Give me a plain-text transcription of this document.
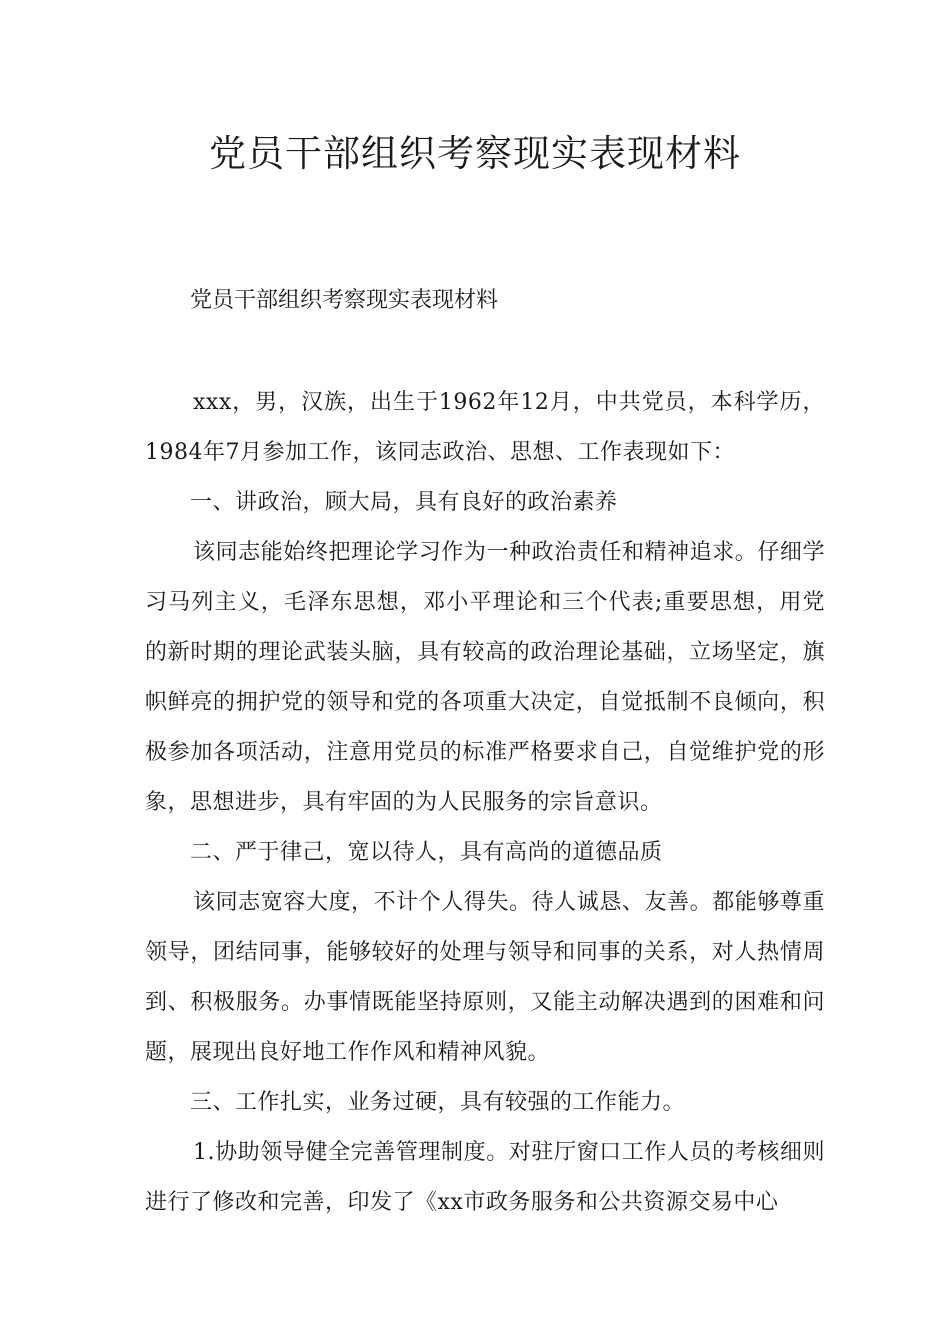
党员干部组织考察现实表现材料

党员干部组织考察现实表现材料

xxx，男，汉族，出生于1962年12月，中共党员，本科学历，1984年7月参加工作，该同志政治、思想、工作表现如下：

一、讲政治，顾大局，具有良好的政治素养

该同志能始终把理论学习作为一种政治责任和精神追求。仔细学习马列主义，毛泽东思想，邓小平理论和三个代表;重要思想，用党的新时期的理论武装头脑，具有较高的政治理论基础，立场坚定，旗帜鲜亮的拥护党的领导和党的各项重大决定，自觉抵制不良倾向，积极参加各项活动，注意用党员的标准严格要求自己，自觉维护党的形象，思想进步，具有牢固的为人民服务的宗旨意识。

二、严于律己，宽以待人，具有高尚的道德品质

该同志宽容大度，不计个人得失。待人诚恳、友善。都能够尊重领导，团结同事，能够较好的处理与领导和同事的关系，对人热情周到、积极服务。办事情既能坚持原则，又能主动解决遇到的困难和问题，展现出良好地工作作风和精神风貌。

三、工作扎实，业务过硬，具有较强的工作能力。

1.协助领导健全完善管理制度。对驻厅窗口工作人员的考核细则进行了修改和完善，印发了《xx市政务服务和公共资源交易中心
